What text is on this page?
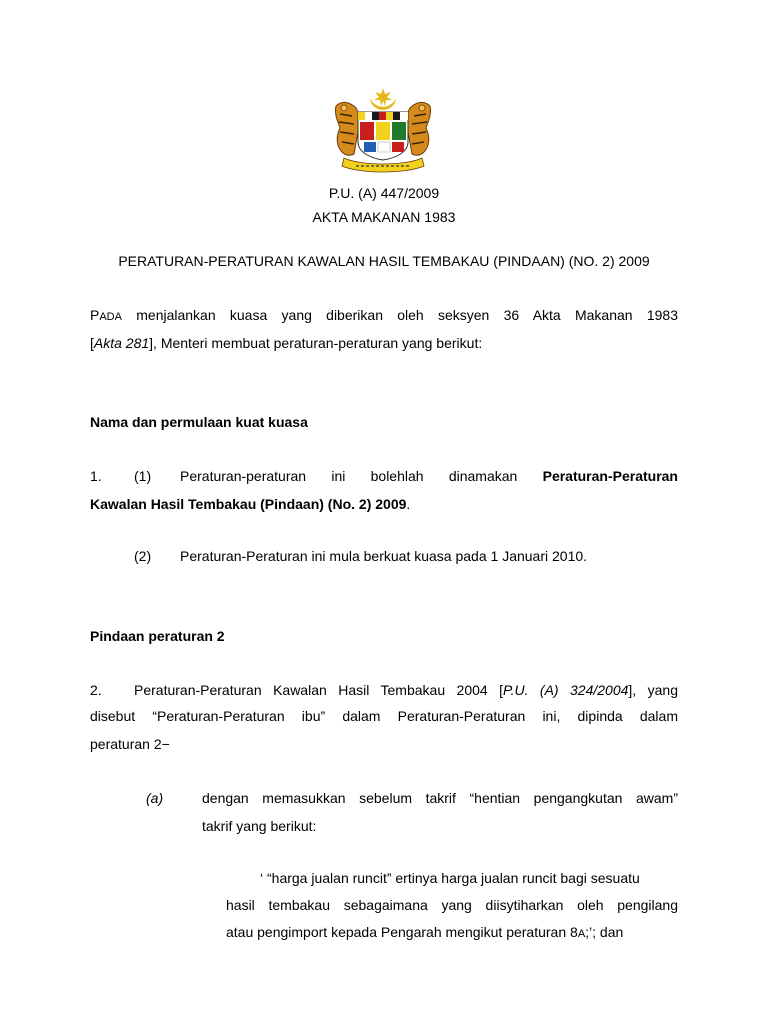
P.U. (A) 447/2009
AKTA MAKANAN 1983
PERATURAN-PERATURAN KAWALAN HASIL TEMBAKAU (PINDAAN) (NO. 2) 2009
PADA menjalankan kuasa yang diberikan oleh seksyen 36 Akta Makanan 1983
[Akta 281], Menteri membuat peraturan-peraturan yang berikut:
Nama dan permulaan kuat kuasa
1. (1) Peraturan-peraturan ini bolehlah dinamakan Peraturan-Peraturan
Kawalan Hasil Tembakau (Pindaan) (No. 2) 2009.
(2) Peraturan-Peraturan ini mula berkuat kuasa pada 1 Januari 2010.
Pindaan peraturan 2
2. Peraturan-Peraturan Kawalan Hasil Tembakau 2004 [P.U. (A) 324/2004], yang
disebut “Peraturan-Peraturan ibu” dalam Peraturan-Peraturan ini, dipinda dalam
peraturan 2−
(a)	dengan memasukkan sebelum takrif “hentian pengangkutan awam”
takrif yang berikut:
‘ “harga jualan runcit” ertinya harga jualan runcit bagi sesuatu
hasil tembakau sebagaimana yang diisytiharkan oleh pengilang
atau pengimport kepada Pengarah mengikut peraturan 8A;’; dan
